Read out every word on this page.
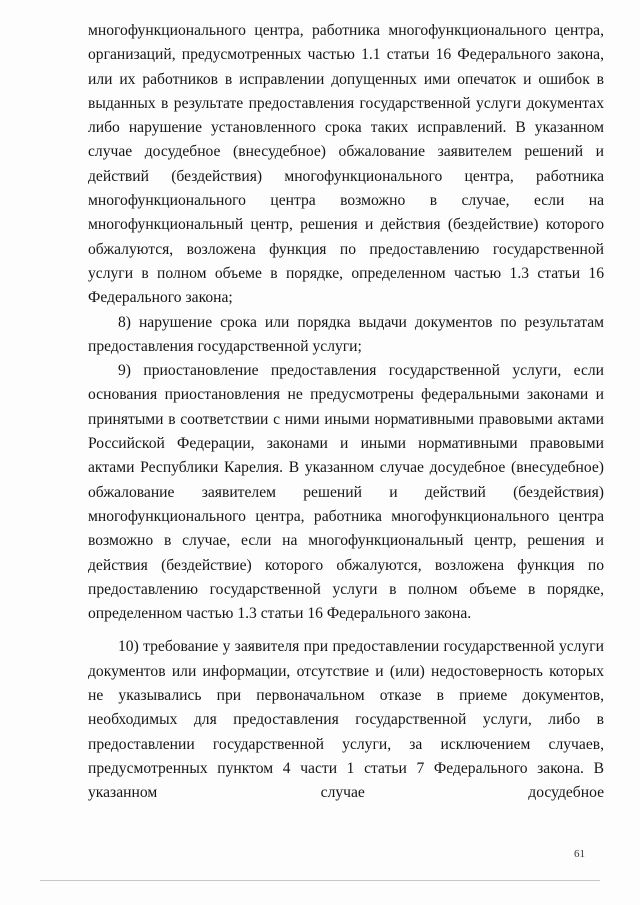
многофункционального центра, работника многофункционального центра, организаций, предусмотренных частью 1.1 статьи 16 Федерального закона, или их работников в исправлении допущенных ими опечаток и ошибок в выданных в результате предоставления государственной услуги документах либо нарушение установленного срока таких исправлений. В указанном случае досудебное (внесудебное) обжалование заявителем решений и действий (бездействия) многофункционального центра, работника многофункционального центра возможно в случае, если на многофункциональный центр, решения и действия (бездействие) которого обжалуются, возложена функция по предоставлению государственной услуги в полном объеме в порядке, определенном частью 1.3 статьи 16 Федерального закона;

8) нарушение срока или порядка выдачи документов по результатам предоставления государственной услуги;

9) приостановление предоставления государственной услуги, если основания приостановления не предусмотрены федеральными законами и принятыми в соответствии с ними иными нормативными правовыми актами Российской Федерации, законами и иными нормативными правовыми актами Республики Карелия. В указанном случае досудебное (внесудебное) обжалование заявителем решений и действий (бездействия) многофункционального центра, работника многофункционального центра возможно в случае, если на многофункциональный центр, решения и действия (бездействие) которого обжалуются, возложена функция по предоставлению государственной услуги в полном объеме в порядке, определенном частью 1.3 статьи 16 Федерального закона.

10) требование у заявителя при предоставлении государственной услуги документов или информации, отсутствие и (или) недостоверность которых не указывались при первоначальном отказе в приеме документов, необходимых для предоставления государственной услуги, либо в предоставлении государственной услуги, за исключением случаев, предусмотренных пунктом 4 части 1 статьи 7 Федерального закона. В указанном случае досудебное

61
